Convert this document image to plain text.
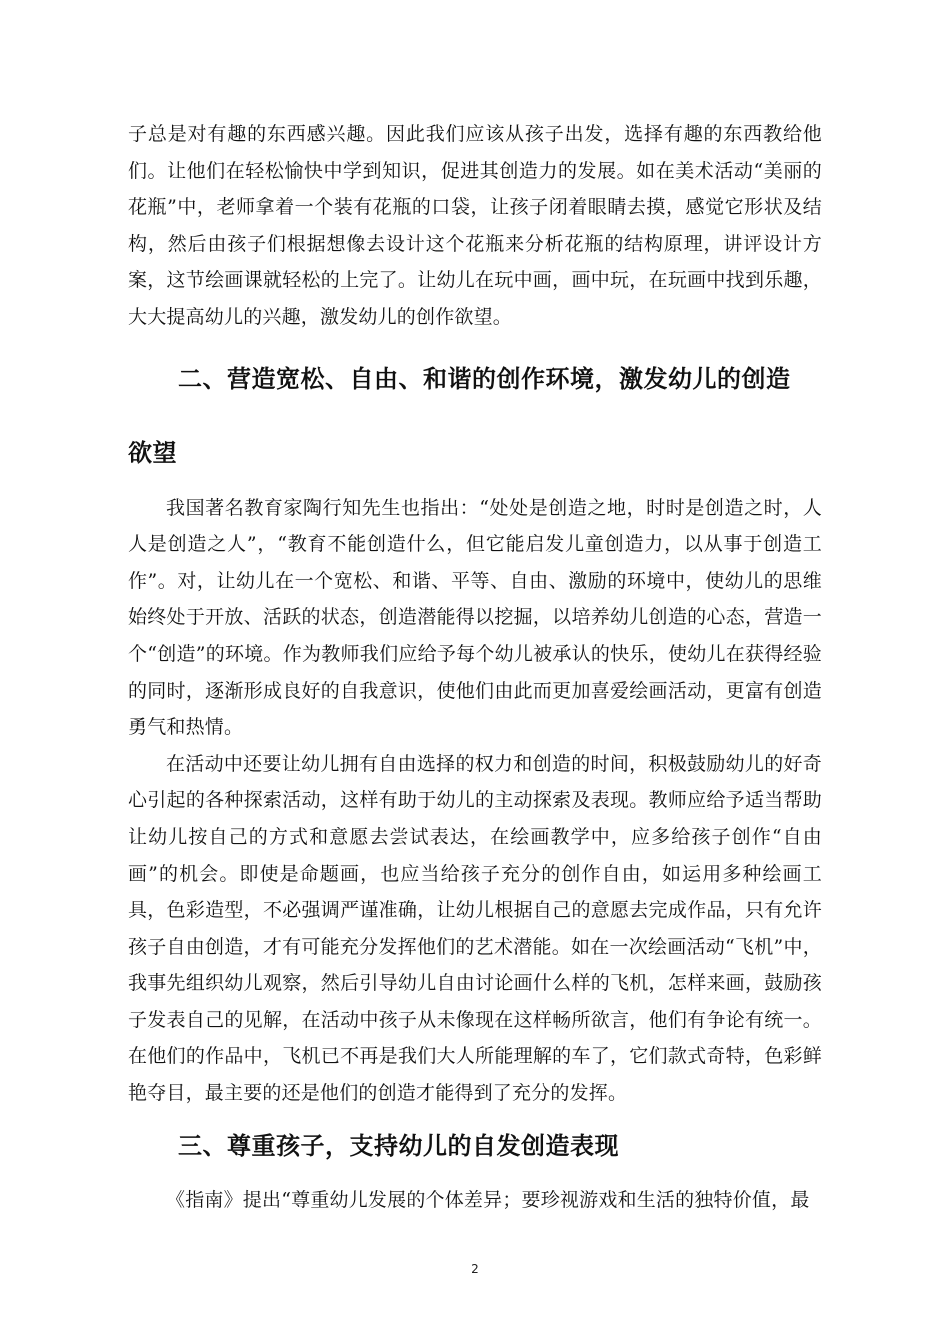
子总是对有趣的东西感兴趣。因此我们应该从孩子出发，选择有趣的东西教给他们。让他们在轻松愉快中学到知识，促进其创造力的发展。如在美术活动“美丽的花瓶”中，老师拿着一个装有花瓶的口袋，让孩子闭着眼睛去摸，感觉它形状及结构，然后由孩子们根据想像去设计这个花瓶来分析花瓶的结构原理，讲评设计方案，这节绘画课就轻松的上完了。让幼儿在玩中画，画中玩，在玩画中找到乐趣，大大提高幼儿的兴趣，激发幼儿的创作欲望。

二、营造宽松、自由、和谐的创作环境，激发幼儿的创造
欲望

我国著名教育家陶行知先生也指出：“处处是创造之地，时时是创造之时，人人是创造之人”，“教育不能创造什么，但它能启发儿童创造力，以从事于创造工作”。对，让幼儿在一个宽松、和谐、平等、自由、激励的环境中，使幼儿的思维始终处于开放、活跃的状态，创造潜能得以挖掘，以培养幼儿创造的心态，营造一个“创造”的环境。作为教师我们应给予每个幼儿被承认的快乐，使幼儿在获得经验的同时，逐渐形成良好的自我意识，使他们由此而更加喜爱绘画活动，更富有创造勇气和热情。

在活动中还要让幼儿拥有自由选择的权力和创造的时间，积极鼓励幼儿的好奇心引起的各种探索活动，这样有助于幼儿的主动探索及表现。教师应给予适当帮助让幼儿按自己的方式和意愿去尝试表达，在绘画教学中，应多给孩子创作“自由画”的机会。即使是命题画，也应当给孩子充分的创作自由，如运用多种绘画工具，色彩造型，不必强调严谨准确，让幼儿根据自己的意愿去完成作品，只有允许孩子自由创造，才有可能充分发挥他们的艺术潜能。如在一次绘画活动“飞机”中，我事先组织幼儿观察，然后引导幼儿自由讨论画什么样的飞机，怎样来画，鼓励孩子发表自己的见解，在活动中孩子从未像现在这样畅所欲言，他们有争论有统一。在他们的作品中，飞机已不再是我们大人所能理解的车了，它们款式奇特，色彩鲜艳夺目，最主要的还是他们的创造才能得到了充分的发挥。

三、尊重孩子，支持幼儿的自发创造表现

《指南》提出“尊重幼儿发展的个体差异；要珍视游戏和生活的独特价值，最

2
